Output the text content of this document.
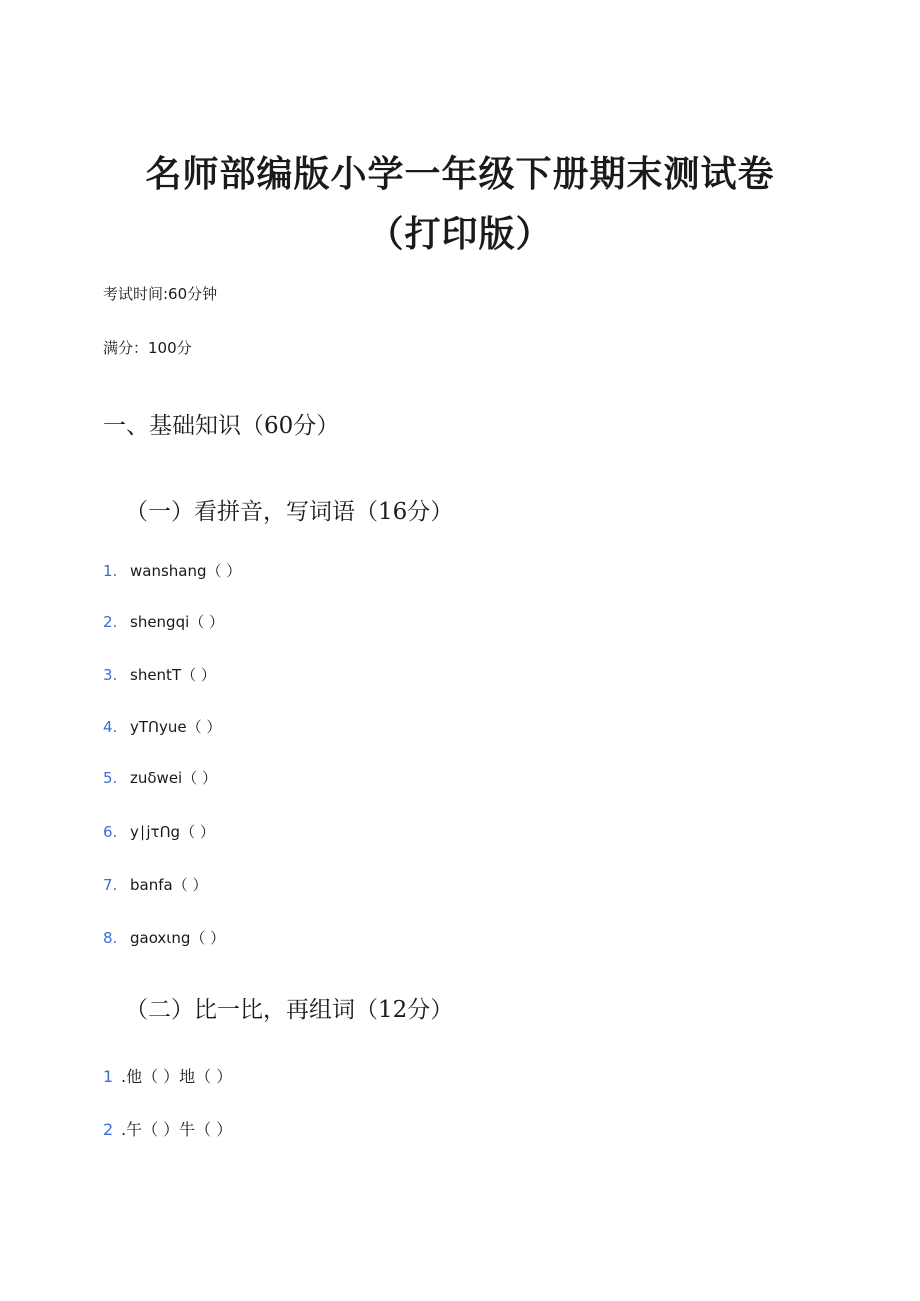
名师部编版小学一年级下册期末测试卷
（打印版）
考试时间:60分钟
满分：100分
一、基础知识（60分）
（一）看拼音，写词语（16分）
1. wanshang（ ）
2. shengqi（ ）
3. shentT（ ）
4. yTՈyue（ ）
5. zuδwei（ ）
6. y∣jτՈg（ ）
7. banfa（ ）
8. gaoxιng（ ）
（二）比一比，再组词（12分）
1 .他（ ）地（ ）
2 .午（ ）牛（ ）
